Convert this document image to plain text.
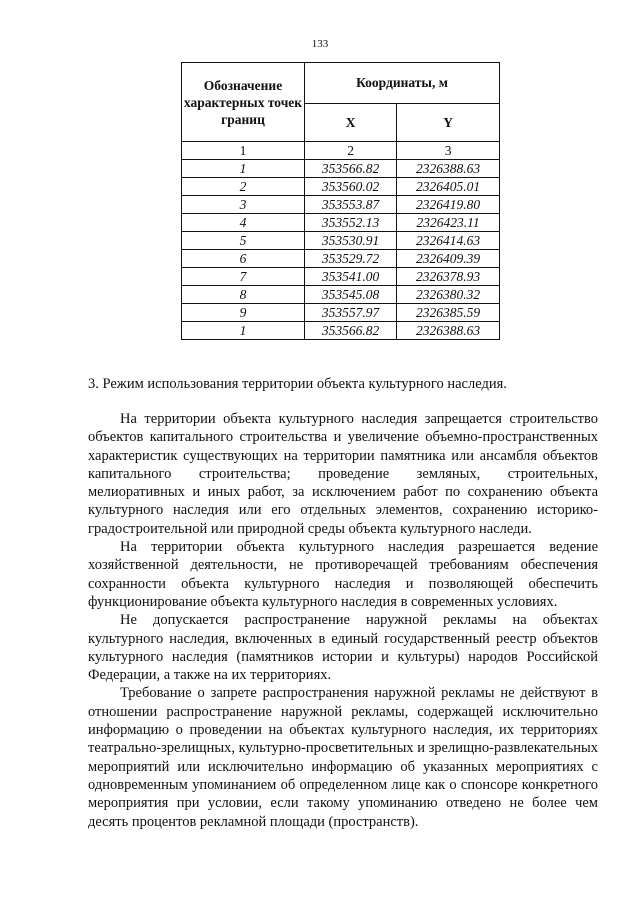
133
Обозначение характерных точек границ	Координаты, м	
	X	Y
1	2	3
1	353566.82	2326388.63
2	353560.02	2326405.01
3	353553.87	2326419.80
4	353552.13	2326423.11
5	353530.91	2326414.63
6	353529.72	2326409.39
7	353541.00	2326378.93
8	353545.08	2326380.32
9	353557.97	2326385.59
1	353566.82	2326388.63
3. Режим использования территории объекта культурного наследия.

На территории объекта культурного наследия запрещается строительство объектов капитального строительства и увеличение объемно-пространственных характеристик существующих на территории памятника или ансамбля объектов капитального строительства; проведение земляных, строительных, мелиоративных и иных работ, за исключением работ по сохранению объекта культурного наследия или его отдельных элементов, сохранению историко-градостроительной или природной среды объекта культурного наследи.

На территории объекта культурного наследия разрешается ведение хозяйственной деятельности, не противоречащей требованиям обеспечения сохранности объекта культурного наследия и позволяющей обеспечить функционирование объекта культурного наследия в современных условиях.

Не допускается распространение наружной рекламы на объектах культурного наследия, включенных в единый государственный реестр объектов культурного наследия (памятников истории и культуры) народов Российской Федерации, а также на их территориях.

Требование о запрете распространения наружной рекламы не действуют в отношении распространение наружной рекламы, содержащей исключительно информацию о проведении на объектах культурного наследия, их территориях театрально-зрелищных, культурно-просветительных и зрелищно-развлекательных мероприятий или исключительно информацию об указанных мероприятиях с одновременным упоминанием об определенном лице как о спонсоре конкретного мероприятия при условии, если такому упоминанию отведено не более чем десять процентов рекламной площади (пространств).
